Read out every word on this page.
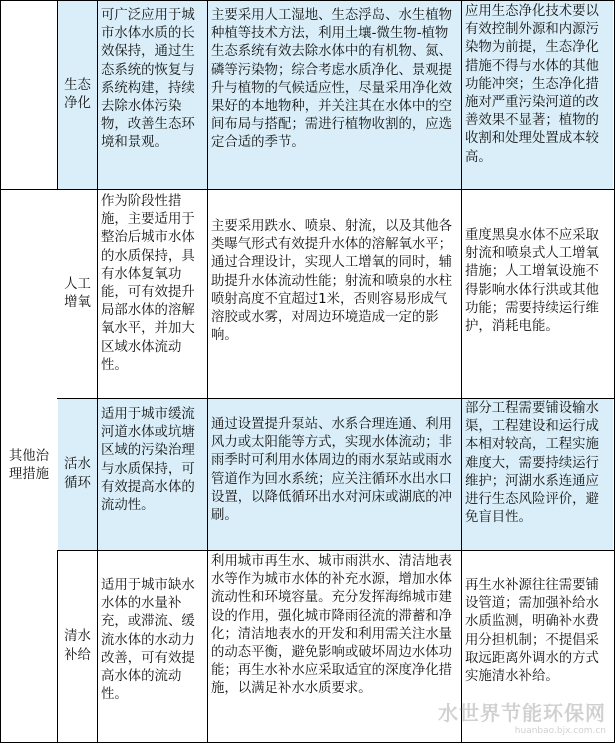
其他治理措施
生态净化
可广泛应用于城市水体水质的长效保持，通过生态系统的恢复与系统构建，持续去除水体污染物，改善生态环境和景观。
主要采用人工湿地、生态浮岛、水生植物种植等技术方法，利用土壤-微生物-植物生态系统有效去除水体中的有机物、氮、磷等污染物；综合考虑水质净化、景观提升与植物的气候适应性，尽量采用净化效果好的本地物种，并关注其在水体中的空间布局与搭配；需进行植物收割的，应选定合适的季节。
应用生态净化技术要以有效控制外源和内源污染物为前提，生态净化措施不得与水体的其他功能冲突；生态净化措施对严重污染河道的改善效果不显著；植物的收割和处理处置成本较高。
人工增氧
作为阶段性措施，主要适用于整治后城市水体的水质保持，具有水体复氧功能，可有效提升局部水体的溶解氧水平，并加大区域水体流动性。
主要采用跌水、喷泉、射流，以及其他各类曝气形式有效提升水体的溶解氧水平；通过合理设计，实现人工增氧的同时，辅助提升水体流动性能；射流和喷泉的水柱喷射高度不宜超过1米，否则容易形成气溶胶或水雾，对周边环境造成一定的影响。
重度黑臭水体不应采取射流和喷泉式人工增氧措施；人工增氧设施不得影响水体行洪或其他功能；需要持续运行维护，消耗电能。
活水循环
适用于城市缓流河道水体或坑塘区域的污染治理与水质保持，可有效提高水体的流动性。
通过设置提升泵站、水系合理连通、利用风力或太阳能等方式，实现水体流动；非雨季时可利用水体周边的雨水泵站或雨水管道作为回水系统；应关注循环水出水口设置，以降低循环出水对河床或湖底的冲刷。
部分工程需要铺设输水渠，工程建设和运行成本相对较高，工程实施难度大，需要持续运行维护；河湖水系连通应进行生态风险评价，避免盲目性。
清水补给
适用于城市缺水水体的水量补充，或滞流、缓流水体的水动力改善，可有效提高水体的流动性。
利用城市再生水、城市雨洪水、清洁地表水等作为城市水体的补充水源，增加水体流动性和环境容量。充分发挥海绵城市建设的作用，强化城市降雨径流的滞蓄和净化；清洁地表水的开发和利用需关注水量的动态平衡，避免影响或破坏周边水体功能；再生水补水应采取适宜的深度净化措施，以满足补水水质要求。
再生水补源往往需要铺设管道；需加强补给水水质监测，明确补水费用分担机制；不提倡采取远距离外调水的方式实施清水补给。
水世界节能环保网
huanbao.bjx.com.cn
